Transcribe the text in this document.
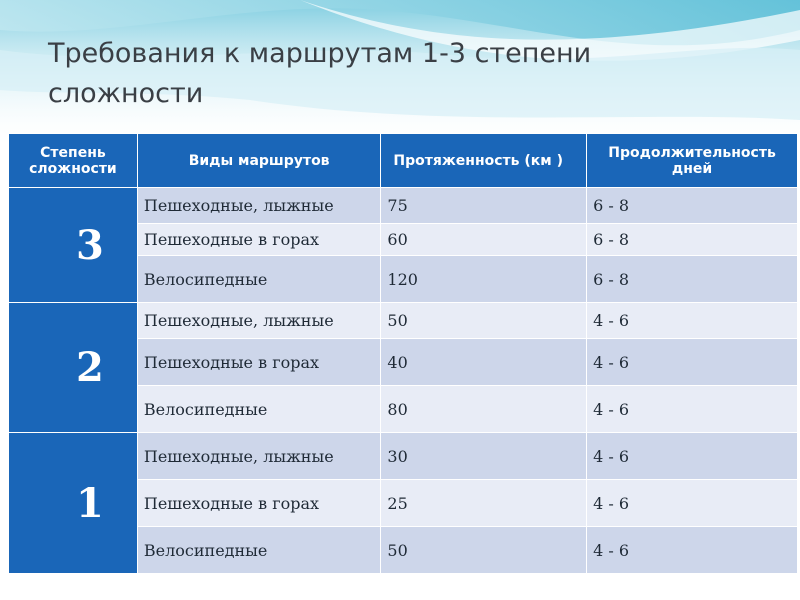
Требования к маршрутам 1-3 степени сложности
Степень сложности	Виды маршрутов	Протяженность (км )	Продолжительность дней
3	Пешеходные, лыжные	75	6 - 8
	Пешеходные в горах	60	6 - 8
	Велосипедные	120	6 - 8
2	Пешеходные, лыжные	50	4 - 6
	Пешеходные в горах	40	4 - 6
	Велосипедные	80	4 - 6
1	Пешеходные, лыжные	30	4 - 6
	Пешеходные в горах	25	4 - 6
	Велосипедные	50	4 - 6
